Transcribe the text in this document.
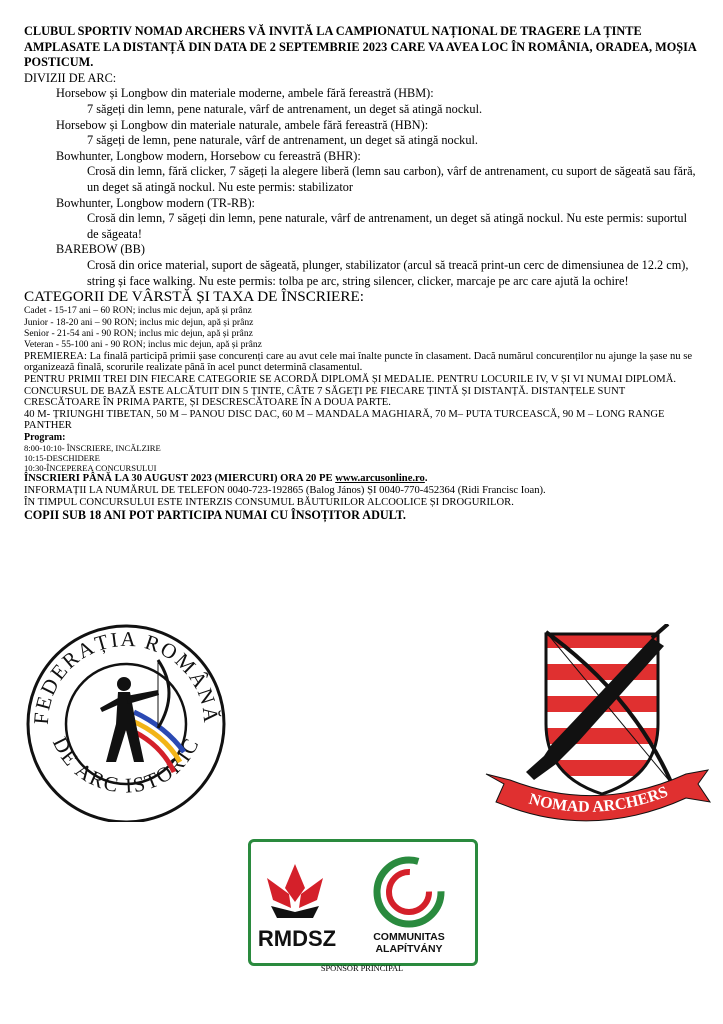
CLUBUL SPORTIV NOMAD ARCHERS VĂ INVITĂ LA CAMPIONATUL NAȚIONAL DE TRAGERE LA ȚINTE AMPLASATE LA DISTANȚĂ DIN DATA DE 2 SEPTEMBRIE 2023 CARE VA AVEA LOC ÎN ROMÂNIA, ORADEA, MOȘIA POSTICUM.

DIVIZII DE ARC:

Horsebow și Longbow din materiale moderne, ambele fără fereastră (HBM):

7 săgeți din lemn, pene naturale, vârf de antrenament, un deget să atingă nockul.

Horsebow și Longbow din materiale naturale, ambele fără fereastră (HBN):

7 săgeți de lemn, pene naturale, vârf de antrenament, un deget să atingă nockul.

Bowhunter, Longbow modern, Horsebow cu fereastră (BHR):

Crosă din lemn, fără clicker, 7 săgeți la alegere liberă (lemn sau carbon), vârf de antrenament, cu suport de săgeată sau fără, un deget să atingă nockul. Nu este permis: stabilizator

Bowhunter, Longbow modern (TR-RB):

Crosă din lemn, 7 săgeți din lemn, pene naturale, vârf de antrenament, un deget să atingă nockul. Nu este permis: suportul de săgeata!

BAREBOW (BB)

Crosă din orice material, suport de săgeată, plunger, stabilizator (arcul să treacă print-un cerc de dimensiunea de 12.2 cm), string și face walking. Nu este permis: tolba pe arc, string silencer, clicker, marcaje pe arc care ajută la ochire!

CATEGORII DE VÂRSTĂ ȘI TAXA DE ÎNSCRIERE:

Cadet - 15-17 ani – 60 RON; inclus mic dejun, apă și prânz

Junior - 18-20 ani – 90 RON; inclus mic dejun, apă și prânz

Senior - 21-54 ani - 90 RON; inclus mic dejun, apă și prânz

Veteran - 55-100 ani - 90 RON; inclus mic dejun, apă și prânz

PREMIEREA: La finală participă primii șase concurenți care au avut cele mai înalte puncte în clasament. Dacă numărul concurenților nu ajunge la șase nu se organizează finală, scorurile realizate până în acel punct determină clasamentul.

PENTRU PRIMII TREI DIN FIECARE CATEGORIE SE ACORDĂ DIPLOMĂ ȘI MEDALIE. PENTRU LOCURILE IV, V ȘI VI NUMAI DIPLOMĂ.

CONCURSUL DE BAZĂ ESTE ALCĂTUIT DIN 5 ȚINTE, CÂTE 7 SĂGEȚI PE FIECARE ȚINTĂ ȘI DISTANȚĂ. DISTANȚELE SUNT CRESCĂTOARE ÎN PRIMA PARTE, ȘI DESCRESCĂTOARE ÎN A DOUA PARTE.

40 M- ȚRIUNGHI TIBETAN, 50 M – PANOU DISC DAC, 60 M – MANDALA MAGHIARĂ, 70 M– PUTA TURCEASCĂ, 90 M – LONG RANGE PANTHER

Program:

8:00-10:10- ÎNSCRIERE, INCĂLZIRE

10:15-DESCHIDERE

10:30-ÎNCEPEREA CONCURSULUI

ÎNSCRIERI PÂNĂ LA 30 AUGUST 2023 (MIERCURI) ORA 20 PE www.arcusonline.ro.

INFORMAȚII LA NUMĂRUL DE TELEFON 0040-723-192865 (Balog János) ȘI 0040-770-452364 (Ridi Francisc Ioan).

ÎN TIMPUL CONCURSULUI ESTE INTERZIS CONSUMUL BĂUTURILOR ALCOOLICE ȘI DROGURILOR.

COPII SUB 18 ANI POT PARTICIPA NUMAI CU ÎNSOȚITOR ADULT.

FEDERAȚIA ROMÂNĂ
DE ARC ISTORIC
NOMAD ARCHERS
RMDSZ	COMMUNITAS
ALAPÍTVÁNY
SPONSOR PRINCIPAL
